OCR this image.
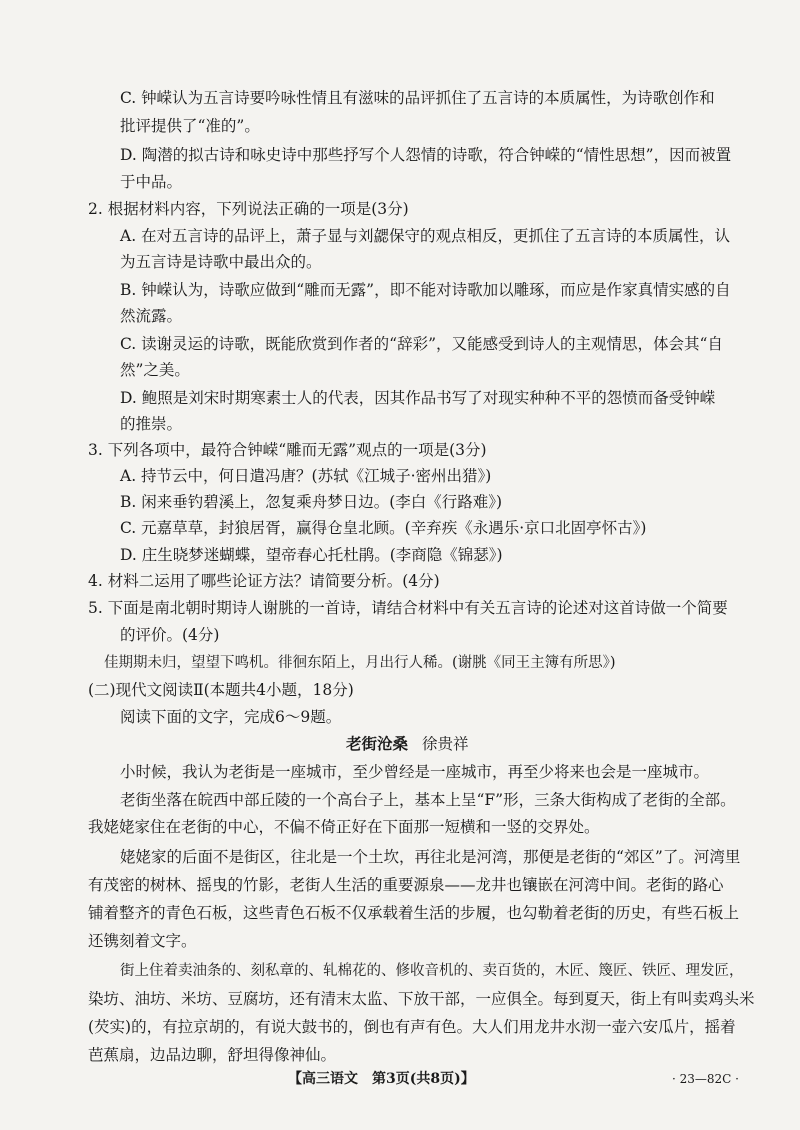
C. 钟嵘认为五言诗要吟咏性情且有滋味的品评抓住了五言诗的本质属性，为诗歌创作和
批评提供了“准的”。
D. 陶潜的拟古诗和咏史诗中那些抒写个人怨情的诗歌，符合钟嵘的“情性思想”，因而被置
于中品。
2. 根据材料内容，下列说法正确的一项是(3分)
A. 在对五言诗的品评上，萧子显与刘勰保守的观点相反，更抓住了五言诗的本质属性，认
为五言诗是诗歌中最出众的。
B. 钟嵘认为，诗歌应做到“雕而无露”，即不能对诗歌加以雕琢，而应是作家真情实感的自
然流露。
C. 读谢灵运的诗歌，既能欣赏到作者的“辞彩”，又能感受到诗人的主观情思，体会其“自
然”之美。
D. 鲍照是刘宋时期寒素士人的代表，因其作品书写了对现实种种不平的怨愤而备受钟嵘
的推崇。
3. 下列各项中，最符合钟嵘“雕而无露”观点的一项是(3分)
A. 持节云中，何日遣冯唐？(苏轼《江城子·密州出猎》)
B. 闲来垂钓碧溪上，忽复乘舟梦日边。(李白《行路难》)
C. 元嘉草草，封狼居胥，赢得仓皇北顾。(辛弃疾《永遇乐·京口北固亭怀古》)
D. 庄生晓梦迷蝴蝶，望帝春心托杜鹃。(李商隐《锦瑟》)
4. 材料二运用了哪些论证方法？请简要分析。(4分)
5. 下面是南北朝时期诗人谢朓的一首诗，请结合材料中有关五言诗的论述对这首诗做一个简要
的评价。(4分)
佳期期未归，望望下鸣机。徘徊东陌上，月出行人稀。(谢朓《同王主簿有所思》)
(二)现代文阅读Ⅱ(本题共4小题，18分)
阅读下面的文字，完成6～9题。
小时候，我认为老街是一座城市，至少曾经是一座城市，再至少将来也会是一座城市。
老街坐落在皖西中部丘陵的一个高台子上，基本上呈“F”形，三条大街构成了老街的全部。
我姥姥家住在老街的中心，不偏不倚正好在下面那一短横和一竖的交界处。
姥姥家的后面不是街区，往北是一个土坎，再往北是河湾，那便是老街的“郊区”了。河湾里
有茂密的树林、摇曳的竹影，老街人生活的重要源泉——龙井也镶嵌在河湾中间。老街的路心
铺着整齐的青色石板，这些青色石板不仅承载着生活的步履，也勾勒着老街的历史，有些石板上
还镌刻着文字。
街上住着卖油条的、刻私章的、轧棉花的、修收音机的、卖百货的，木匠、篾匠、铁匠、理发匠，
染坊、油坊、米坊、豆腐坊，还有清末太监、下放干部，一应俱全。每到夏天，街上有叫卖鸡头米
(芡实)的，有拉京胡的，有说大鼓书的，倒也有声有色。大人们用龙井水沏一壶六安瓜片，摇着
芭蕉扇，边品边聊，舒坦得像神仙。
老街沧桑 徐贵祥
【高三语文　第3页(共8页)】	· 23—82C ·
